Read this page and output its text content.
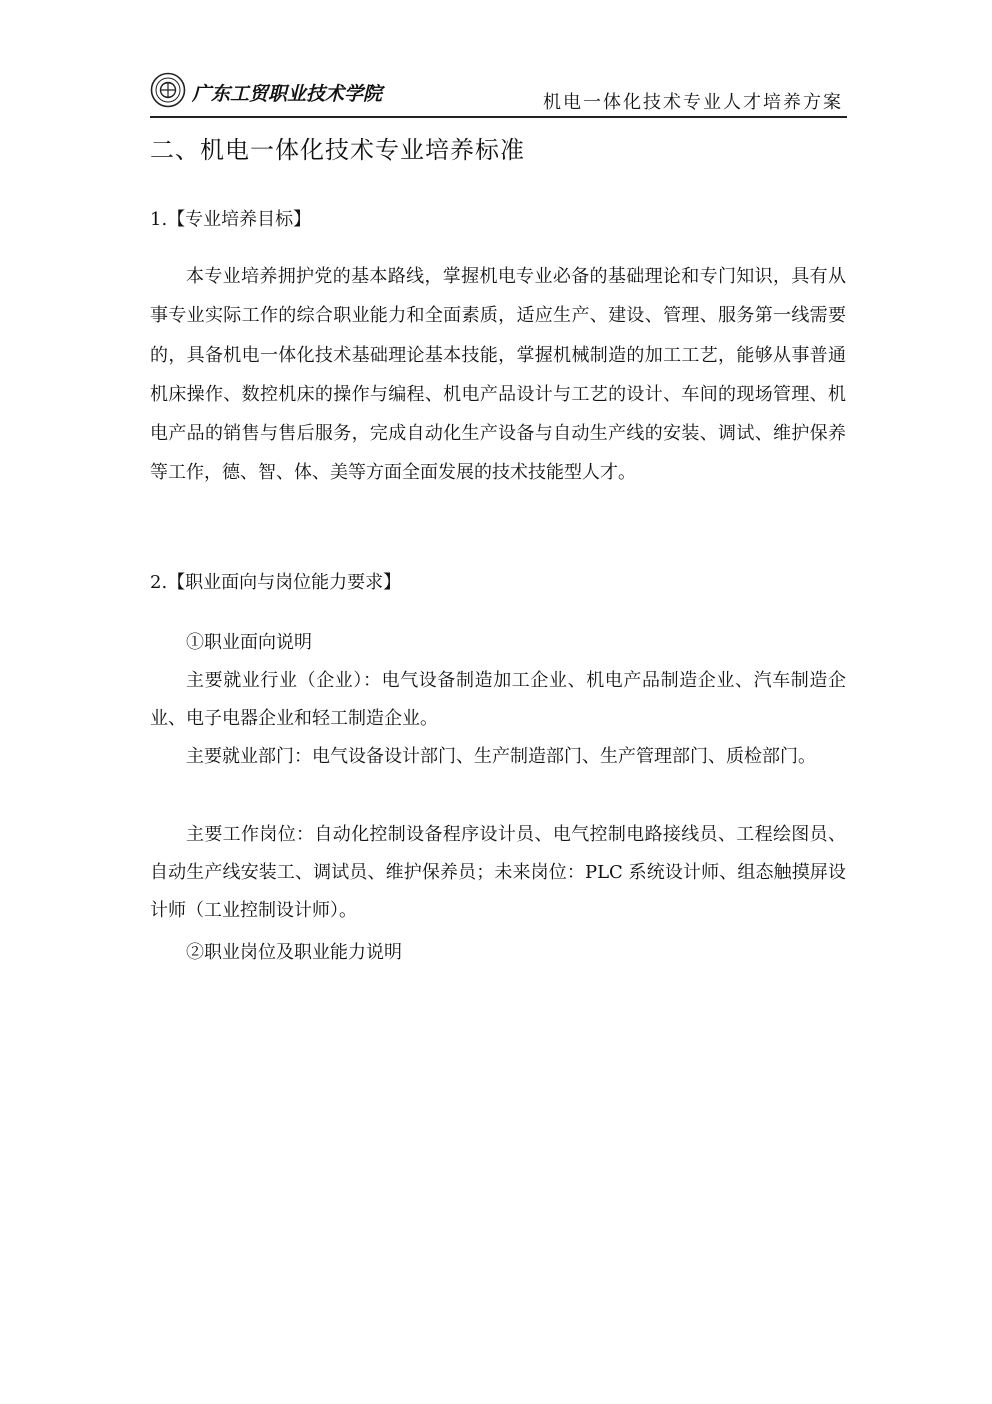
广东工贸职业技术学院	机电一体化技术专业人才培养方案
二、机电一体化技术专业培养标准
1.【专业培养目标】
本专业培养拥护党的基本路线，掌握机电专业必备的基础理论和专门知识，具有从事专业实际工作的综合职业能力和全面素质，适应生产、建设、管理、服务第一线需要的，具备机电一体化技术基础理论基本技能，掌握机械制造的加工工艺，能够从事普通机床操作、数控机床的操作与编程、机电产品设计与工艺的设计、车间的现场管理、机电产品的销售与售后服务，完成自动化生产设备与自动生产线的安装、调试、维护保养等工作，德、智、体、美等方面全面发展的技术技能型人才。
2.【职业面向与岗位能力要求】
①职业面向说明
主要就业行业（企业）：电气设备制造加工企业、机电产品制造企业、汽车制造企业、电子电器企业和轻工制造企业。
主要就业部门：电气设备设计部门、生产制造部门、生产管理部门、质检部门。
主要工作岗位：自动化控制设备程序设计员、电气控制电路接线员、工程绘图员、自动生产线安装工、调试员、维护保养员；未来岗位：PLC 系统设计师、组态触摸屏设计师（工业控制设计师）。
②职业岗位及职业能力说明
